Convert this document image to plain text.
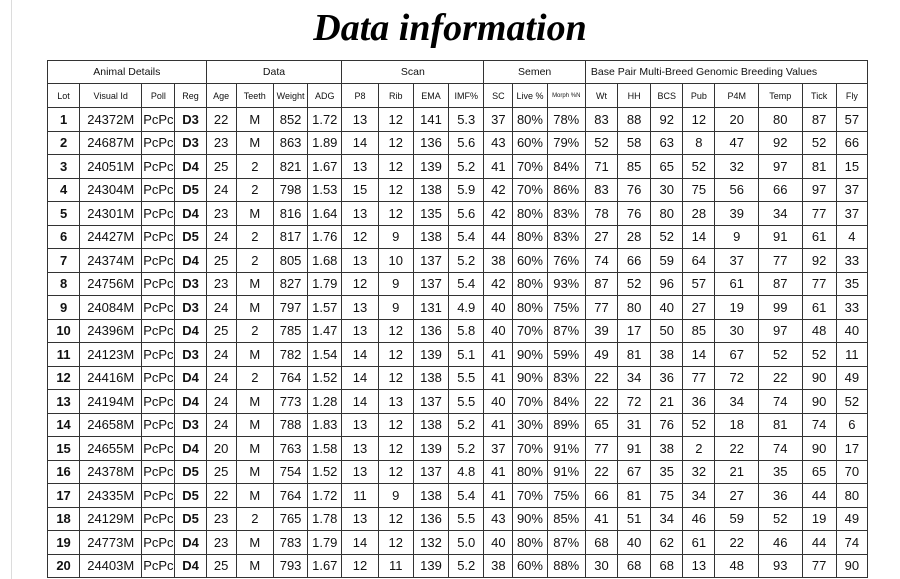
Data information
Animal Details				Data				Scan				Semen			Base Pair Multi-Breed Genomic Breeding Values							
Lot	Visual Id	Poll	Reg	Age	Teeth	Weight	ADG	P8	Rib	EMA	IMF%	SC	Live %	Morph %N	Wt	HH	BCS	Pub	P4M	Temp	Tick	Fly
1	24372M	PcPc	D3	22	M	852	1.72	13	12	141	5.3	37	80%	78%	83	88	92	12	20	80	87	57
2	24687M	PcPc	D3	23	M	863	1.89	14	12	136	5.6	43	60%	79%	52	58	63	8	47	92	52	66
3	24051M	PcPc	D4	25	2	821	1.67	13	12	139	5.2	41	70%	84%	71	85	65	52	32	97	81	15
4	24304M	PcPc	D5	24	2	798	1.53	15	12	138	5.9	42	70%	86%	83	76	30	75	56	66	97	37
5	24301M	PcPc	D4	23	M	816	1.64	13	12	135	5.6	42	80%	83%	78	76	80	28	39	34	77	37
6	24427M	PcPc	D5	24	2	817	1.76	12	9	138	5.4	44	80%	83%	27	28	52	14	9	91	61	4
7	24374M	PcPc	D4	25	2	805	1.68	13	10	137	5.2	38	60%	76%	74	66	59	64	37	77	92	33
8	24756M	PcPc	D3	23	M	827	1.79	12	9	137	5.4	42	80%	93%	87	52	96	57	61	87	77	35
9	24084M	PcPc	D3	24	M	797	1.57	13	9	131	4.9	40	80%	75%	77	80	40	27	19	99	61	33
10	24396M	PcPc	D4	25	2	785	1.47	13	12	136	5.8	40	70%	87%	39	17	50	85	30	97	48	40
11	24123M	PcPc	D3	24	M	782	1.54	14	12	139	5.1	41	90%	59%	49	81	38	14	67	52	52	11
12	24416M	PcPc	D4	24	2	764	1.52	14	12	138	5.5	41	90%	83%	22	34	36	77	72	22	90	49
13	24194M	PcPc	D4	24	M	773	1.28	14	13	137	5.5	40	70%	84%	22	72	21	36	34	74	90	52
14	24658M	PcPc	D3	24	M	788	1.83	13	12	138	5.2	41	30%	89%	65	31	76	52	18	81	74	6
15	24655M	PcPc	D4	20	M	763	1.58	13	12	139	5.2	37	70%	91%	77	91	38	2	22	74	90	17
16	24378M	PcPc	D5	25	M	754	1.52	13	12	137	4.8	41	80%	91%	22	67	35	32	21	35	65	70
17	24335M	PcPc	D5	22	M	764	1.72	11	9	138	5.4	41	70%	75%	66	81	75	34	27	36	44	80
18	24129M	PcPc	D5	23	2	765	1.78	13	12	136	5.5	43	90%	85%	41	51	34	46	59	52	19	49
19	24773M	PcPc	D4	23	M	783	1.79	14	12	132	5.0	40	80%	87%	68	40	62	61	22	46	44	74
20	24403M	PcPc	D4	25	M	793	1.67	12	11	139	5.2	38	60%	88%	30	68	68	13	48	93	77	90
